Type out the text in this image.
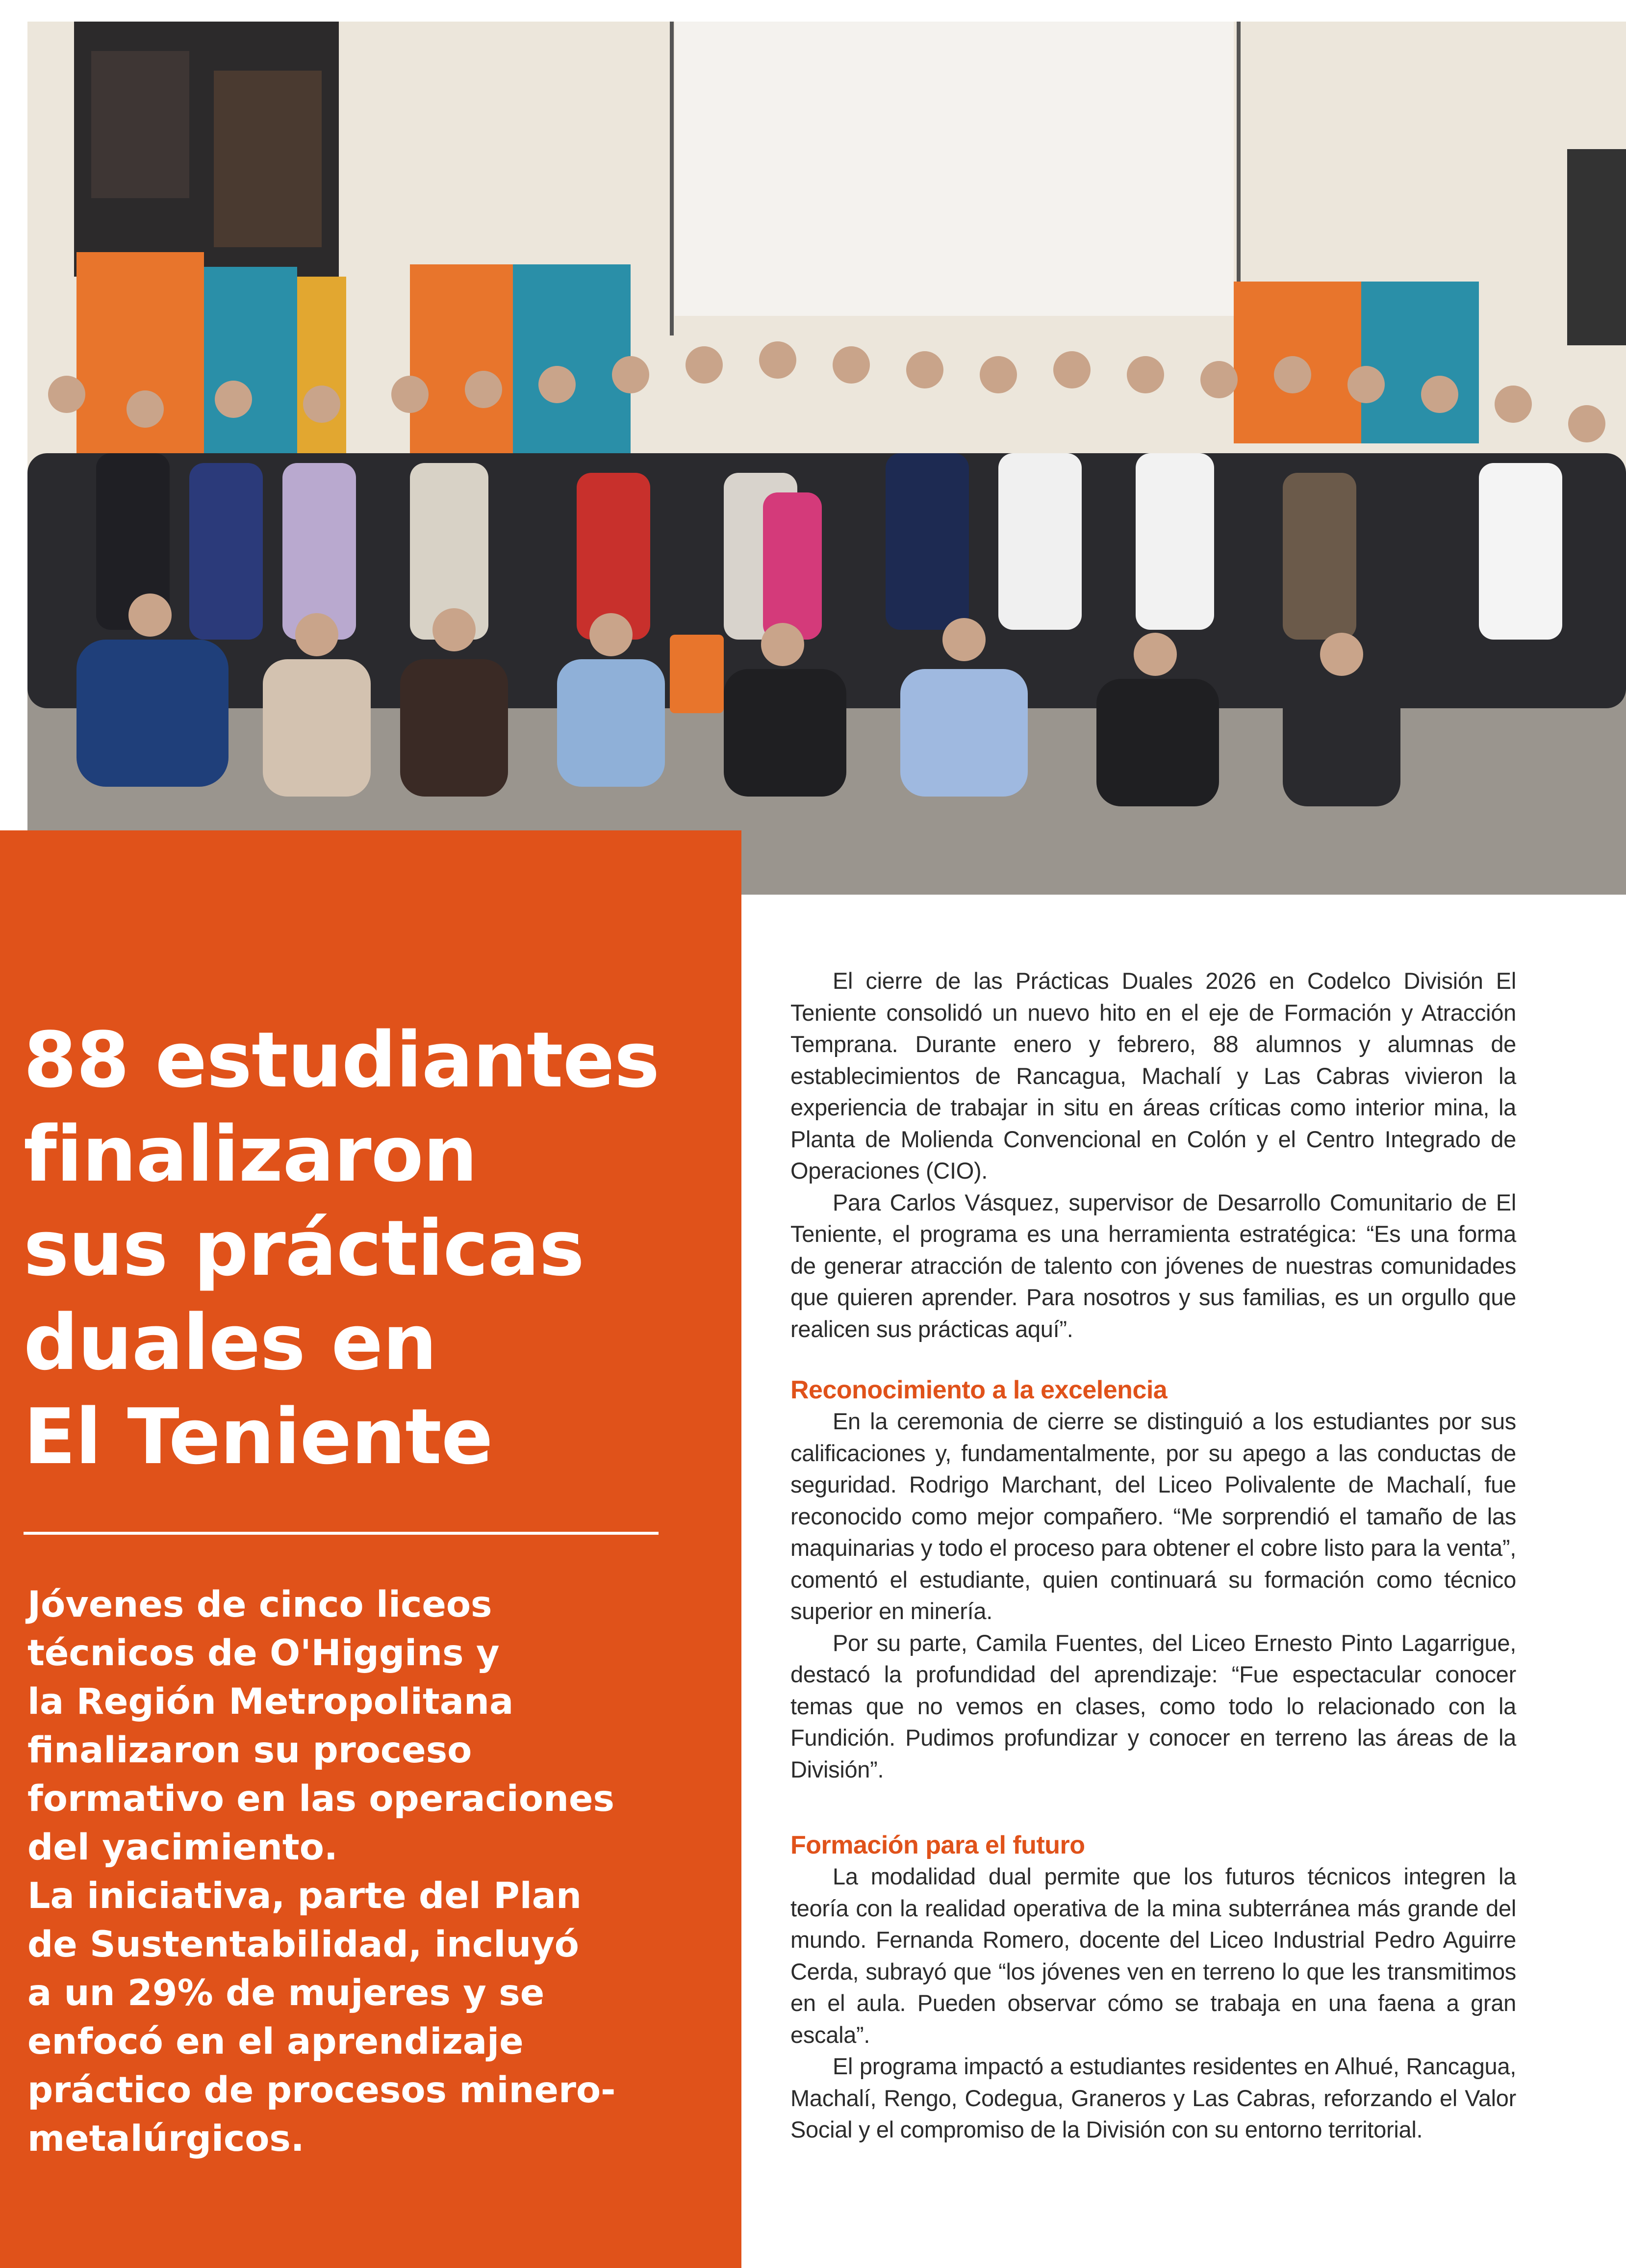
88 estudiantes
finalizaron
sus prácticas
duales en
El Teniente

Jóvenes de cinco liceos
técnicos de O'Higgins y
la Región Metropolitana
finalizaron su proceso
formativo en las operaciones
del yacimiento.
La iniciativa, parte del Plan
de Sustentabilidad, incluyó
a un 29% de mujeres y se
enfocó en el aprendizaje
práctico de procesos minero-
metalúrgicos.

El cierre de las Prácticas Duales 2026 en Codelco División El Teniente consolidó un nuevo hito en el eje de Formación y Atracción Temprana. Durante enero y febrero, 88 alumnos y alumnas de establecimientos de Rancagua, Machalí y Las Cabras vivieron la experiencia de trabajar in situ en áreas críticas como interior mina, la Planta de Molienda Convencional en Colón y el Centro Integrado de Operaciones (CIO).

Para Carlos Vásquez, supervisor de Desarrollo Comunitario de El Teniente, el programa es una herramienta estratégica: “Es una forma de generar atracción de talento con jóvenes de nuestras comunidades que quieren aprender. Para nosotros y sus familias, es un orgullo que realicen sus prácticas aquí”.

Reconocimiento a la excelencia

En la ceremonia de cierre se distinguió a los estudiantes por sus calificaciones y, fundamentalmente, por su apego a las conductas de seguridad. Rodrigo Marchant, del Liceo Polivalente de Machalí, fue reconocido como mejor compañero. “Me sorprendió el tamaño de las maquinarias y todo el proceso para obtener el cobre listo para la venta”, comentó el estudiante, quien continuará su formación como técnico superior en minería.

Por su parte, Camila Fuentes, del Liceo Ernesto Pinto Lagarrigue, destacó la profundidad del aprendizaje: “Fue espectacular conocer temas que no vemos en clases, como todo lo relacionado con la Fundición. Pudimos profundizar y conocer en terreno las áreas de la División”.

Formación para el futuro

La modalidad dual permite que los futuros técnicos integren la teoría con la realidad operativa de la mina subterránea más grande del mundo. Fernanda Romero, docente del Liceo Industrial Pedro Aguirre Cerda, subrayó que “los jóvenes ven en terreno lo que les transmitimos en el aula. Pueden observar cómo se trabaja en una faena a gran escala”.

El programa impactó a estudiantes residentes en Alhué, Rancagua, Machalí, Rengo, Codegua, Graneros y Las Cabras, reforzando el Valor Social y el compromiso de la División con su entorno territorial.
